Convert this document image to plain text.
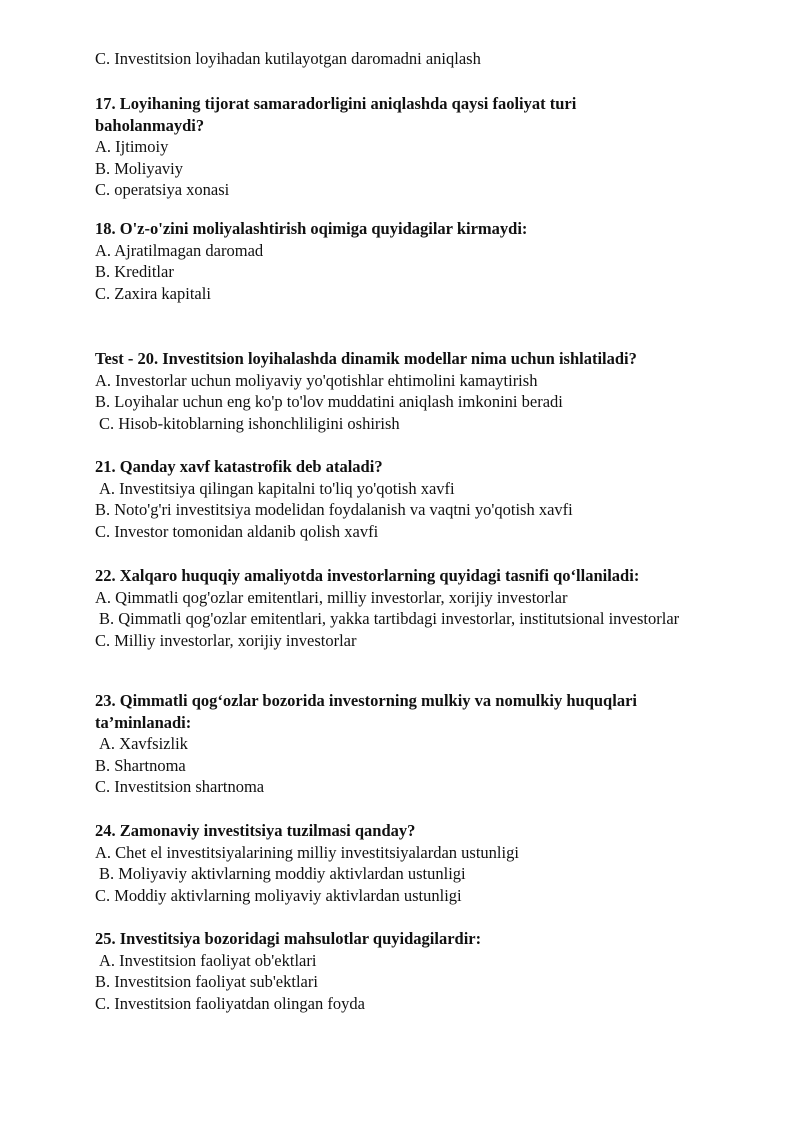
C. Investitsion loyihadan kutilayotgan daromadni aniqlash
17. Loyihaning tijorat samaradorligini aniqlashda qaysi faoliyat turi baholanmaydi?
A. Ijtimoiy
B. Moliyaviy
C. operatsiya xonasi
18. O'z-o'zini moliyalashtirish oqimiga quyidagilar kirmaydi:
A. Ajratilmagan daromad
B. Kreditlar
C. Zaxira kapitali
Test - 20. Investitsion loyihalashda dinamik modellar nima uchun ishlatiladi?
A. Investorlar uchun moliyaviy yo'qotishlar ehtimolini kamaytirish
B. Loyihalar uchun eng ko'p to'lov muddatini aniqlash imkonini beradi
C. Hisob-kitoblarning ishonchliligini oshirish
21. Qanday xavf katastrofik deb ataladi?
A. Investitsiya qilingan kapitalni to'liq yo'qotish xavfi
B. Noto'g'ri investitsiya modelidan foydalanish va vaqtni yo'qotish xavfi
C. Investor tomonidan aldanib qolish xavfi
22. Xalqaro huquqiy amaliyotda investorlarning quyidagi tasnifi qo‘llaniladi:
A. Qimmatli qog'ozlar emitentlari, milliy investorlar, xorijiy investorlar
B. Qimmatli qog'ozlar emitentlari, yakka tartibdagi investorlar, institutsional investorlar
C. Milliy investorlar, xorijiy investorlar
23. Qimmatli qog‘ozlar bozorida investorning mulkiy va nomulkiy huquqlari ta’minlanadi:
A. Xavfsizlik
B. Shartnoma
C. Investitsion shartnoma
24. Zamonaviy investitsiya tuzilmasi qanday?
A. Chet el investitsiyalarining milliy investitsiyalardan ustunligi
B. Moliyaviy aktivlarning moddiy aktivlardan ustunligi
C. Moddiy aktivlarning moliyaviy aktivlardan ustunligi
25. Investitsiya bozoridagi mahsulotlar quyidagilardir:
A. Investitsion faoliyat ob'ektlari
B. Investitsion faoliyat sub'ektlari
C. Investitsion faoliyatdan olingan foyda
